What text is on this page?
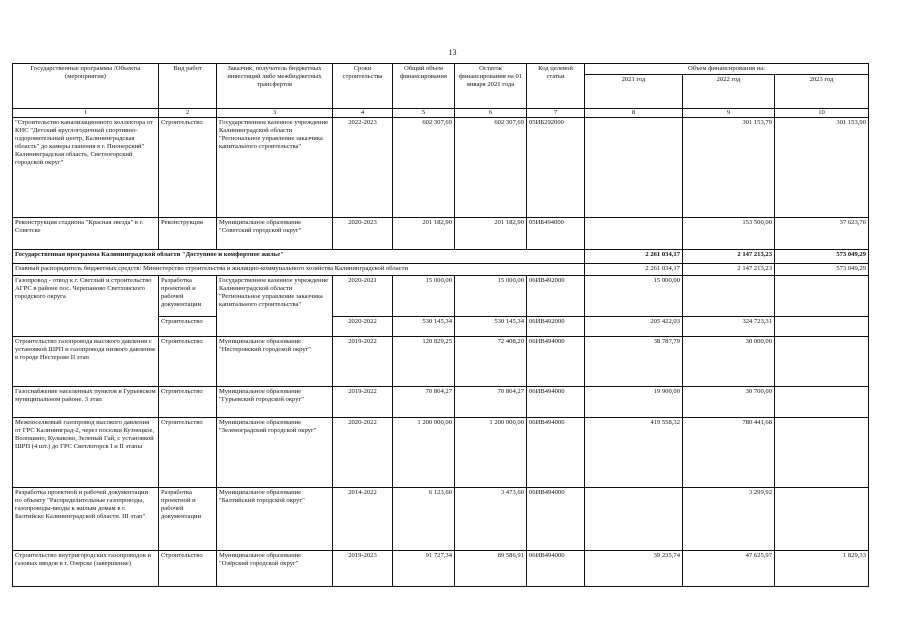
13
Государственные программы /Объекты (мероприятия)	Вид работ	Заказчик, получатель бюджетных инвестиций либо межбюджетных трансфертов	Сроки строительства	Общий объем финансирования	Остаток финансирования на 01 января 2021 года	Код целевой статьи	Объем финансирования на:		
							2021 год	2022 год	2023 год
1	2	3	4	5	6	7	8	9	10
"Строительство канализационного коллектора от КНС "Детский круглогодичный спортивно-оздоровительный центр, Калининградская область" до камеры гашения в г. Пионерский" Калининградская область, Светлогорский городской округ"	Строительство	Государственное казенное учреждение Калининградской области "Региональное управление заказчика капитального строительства"	2022-2023	602 307,69	602 307,69	05ИБ292000		301 153,79	301 153,90
Реконструкция стадиона "Красная звезда" в г. Советске	Реконструкция	Муниципальное образование "Советский городской округ"	2020-2023	201 182,90	201 182,90	05ИБ494000		153 500,00	37 623,76
Государственная программа Калининградской области "Доступное и комфортное жилье"							2 261 034,17	2 147 213,23	573 049,29
Главный распорядитель бюджетных средств: Министерство строительства и жилищно-коммунального хозяйства Калининградской области							2 261 034,17	2 147 213,23	573 049,29
Газопровод - отвод к г. Светлый и строительство АГРС в районе пос. Черепаново Светловского городского округа	Разработка проектной и рабочей документации	Государственное казенное учреждение Калининградской области "Региональное управление заказчика капитального строительства"	2020-2021	15 000,00	15 000,00	06ИВ492000	15 000,00		
	Строительство		2020-2022	530 145,34	530 145,34	06ИВ492000	205 422,03	324 723,31	
Строительство газопровода высокого давления с установкой ШРП и газопровода низкого давления в городе Нестерове II этап	Строительство	Муниципальное образование "Нестеровский городской округ"	2019-2022	120 829,25	72 408,20	06ИВ494000	38 787,79	30 000,00	
Газоснабжение населенных пунктов в Гурьевском муниципальном районе. 3 этап	Строительство	Муниципальное образование "Гурьевский городской округ"	2019-2022	70 804,27	70 804,27	06ИВ494000	19 900,00	30 700,00	
Межпоселковый газопровод высокого давления от ГРС Калининград-2, через поселки Кузнецкое, Волошино, Кулыково, Зеленый Гай, с установкой ШРП (4 шт.) до ГРС Светлогорск I и II этапы	Строительство	Муниципальное образование "Зеленоградский городской округ"	2020-2022	1 200 000,00	1 200 000,00	06ИВ494000	419 558,32	780 441,68	
Разработка проектной и рабочей документации по объекту "Распределительные газопроводы, газопроводы-вводы к жилым домам в г. Балтийске Калининградской области. III этап"	Разработка проектной и рабочей документации	Муниципальное образование "Балтийский городской округ"	2014-2022	6 123,60	3 473,60	06ИВ494000		3 299,92	
Строительство внутригородских газопроводов и газовых вводов в г. Озерске (завершение)	Строительство	Муниципальное образование "Озёрский городской округ"	2019-2023	91 727,34	89 586,91	06ИВ494000	39 235,74	47 625,97	1 829,33
